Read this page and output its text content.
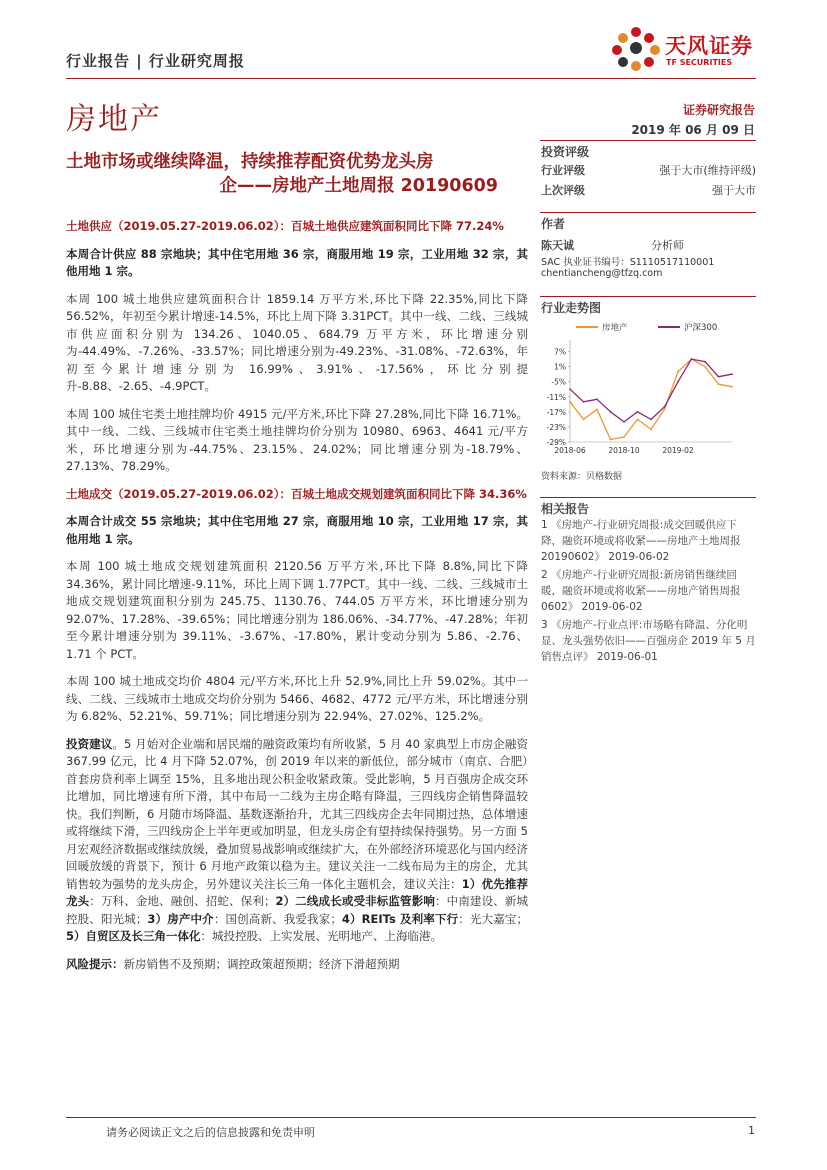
行业报告 | 行业研究周报
天风证券
TF SECURITIES
房地产	证券研究报告
2019 年 06 月 09 日
土地市场或继续降温，持续推荐配资优势龙头房
企——房地产土地周报 20190609
投资评级
行业评级	强于大市(维持评级)
上次评级	强于大市
作者
陈天诚	分析师
SAC 执业证书编号：S1110517110001
chentiancheng@tfzq.com
行业走势图
房地产	沪深300
7%
1%
-5%
-11%
-17%
-23%
-29%
2018-06	2018-10	2019-02
资料来源：贝格数据
相关报告

1 《房地产-行业研究周报:成交回暖供应下降，融资环境或将收紧——房地产土地周报 20190602》 2019-06-02

2 《房地产-行业研究周报:新房销售继续回暖，融资环境或将收紧——房地产销售周报 0602》 2019-06-02

3 《房地产-行业点评:市场略有降温、分化明显、龙头强势依旧——百强房企 2019 年 5 月销售点评》 2019-06-01

土地供应（2019.05.27-2019.06.02）：百城土地供应建筑面积同比下降 77.24%

本周合计供应 88 宗地块；其中住宅用地 36 宗，商服用地 19 宗，工业用地 32 宗，其他用地 1 宗。

本周 100 城土地供应建筑面积合计 1859.14 万平方米,环比下降 22.35%,同比下降 56.52%，年初至今累计增速-14.5%，环比上周下降 3.31PCT。其中一线、二线、三线城市供应面积分别为 134.26、1040.05、684.79 万平方米，环比增速分别为-44.49%、-7.26%、-33.57%；同比增速分别为-49.23%、-31.08%、-72.63%，年初至今累计增速分别为 16.99%、3.91%、-17.56%，环比分别提升-8.88、-2.65、-4.9PCT。

本周 100 城住宅类土地挂牌均价 4915 元/平方米,环比下降 27.28%,同比下降 16.71%。其中一线、二线、三线城市住宅类土地挂牌均价分别为 10980、6963、4641 元/平方米，环比增速分别为-44.75%、23.15%、24.02%；同比增速分别为-18.79%、27.13%、78.29%。

土地成交（2019.05.27-2019.06.02）：百城土地成交规划建筑面积同比下降 34.36%

本周合计成交 55 宗地块；其中住宅用地 27 宗，商服用地 10 宗，工业用地 17 宗，其他用地 1 宗。

本周 100 城土地成交规划建筑面积 2120.56 万平方米,环比下降 8.8%,同比下降 34.36%，累计同比增速-9.11%，环比上周下调 1.77PCT。其中一线、二线、三线城市土地成交规划建筑面积分别为 245.75、1130.76、744.05 万平方米，环比增速分别为 92.07%、17.28%、-39.65%；同比增速分别为 186.06%、-34.77%、-47.28%；年初至今累计增速分别为 39.11%、-3.67%、-17.80%，累计变动分别为 5.86、-2.76、1.71 个 PCT。

本周 100 城土地成交均价 4804 元/平方米,环比上升 52.9%,同比上升 59.02%。其中一线、二线、三线城市土地成交均价分别为 5466、4682、4772 元/平方米，环比增速分别为 6.82%、52.21%、59.71%；同比增速分别为 22.94%、27.02%、125.2%。

投资建议。5 月始对企业端和居民端的融资政策均有所收紧，5 月 40 家典型上市房企融资 367.99 亿元，比 4 月下降 52.07%，创 2019 年以来的新低位，部分城市（南京、合肥）首套房贷利率上调至 15%，且多地出现公积金收紧政策。受此影响，5 月百强房企成交环比增加，同比增速有所下滑，其中布局一二线为主房企略有降温，三四线房企销售降温较快。我们判断，6 月随市场降温、基数逐渐抬升，尤其三四线房企去年同期过热，总体增速或将继续下滑，三四线房企上半年更或加明显，但龙头房企有望持续保持强势。另一方面 5 月宏观经济数据或继续放缓，叠加贸易战影响或继续扩大，在外部经济环境恶化与国内经济回暖放缓的背景下，预计 6 月地产政策以稳为主。建议关注一二线布局为主的房企，尤其销售较为强势的龙头房企，另外建议关注长三角一体化主题机会，建议关注：1）优先推荐龙头：万科、金地、融创、招蛇、保利；2）二线成长或受非标监管影响：中南建设、新城控股、阳光城；3）房产中介：国创高新、我爱我家；4）REITs 及利率下行：光大嘉宝；5）自贸区及长三角一体化：城投控股、上实发展、光明地产、上海临港。

风险提示：新房销售不及预期；调控政策超预期；经济下滑超预期

请务必阅读正文之后的信息披露和免责申明	1
